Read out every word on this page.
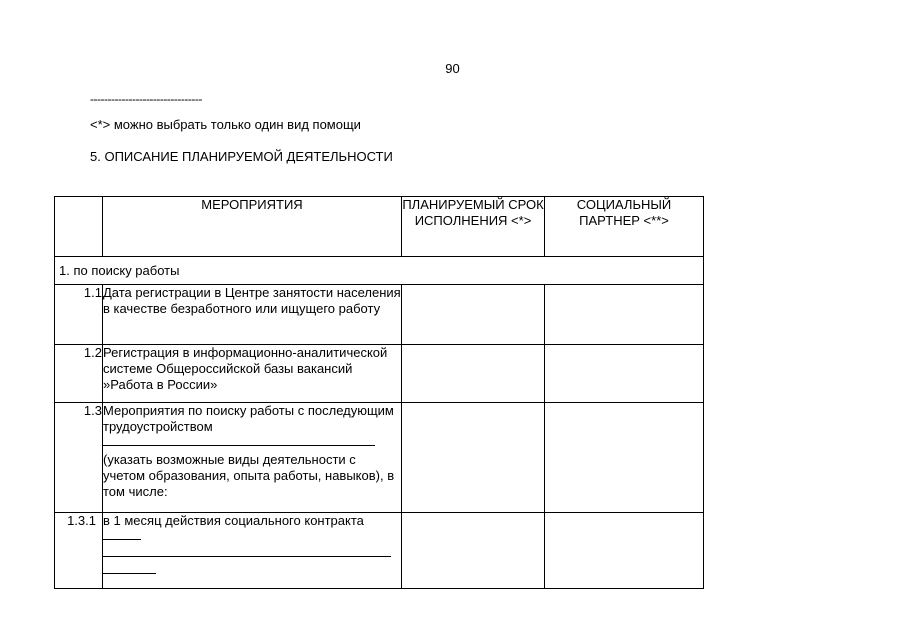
90
--------------------------------
<*> можно выбрать только один вид помощи
5. ОПИСАНИЕ ПЛАНИРУЕМОЙ ДЕЯТЕЛЬНОСТИ
	МЕРОПРИЯТИЯ	ПЛАНИРУЕМЫЙ СРОК ИСПОЛНЕНИЯ <*>	СОЦИАЛЬНЫЙ ПАРТНЕР <**>
1. по поиску работы			
1.1	Дата регистрации в Центре занятости населения в качестве безработного или ищущего работу		
1.2	Регистрация в информационно-аналитической системе Общероссийской базы вакансий »Работа в России»		
1.3	Мероприятия по поиску работы с последующим трудоустройством
(указать возможные виды деятельности с учетом образования, опыта работы, навыков), в том числе:		

1.3.1	в 1 месяц действия социального контракта		
